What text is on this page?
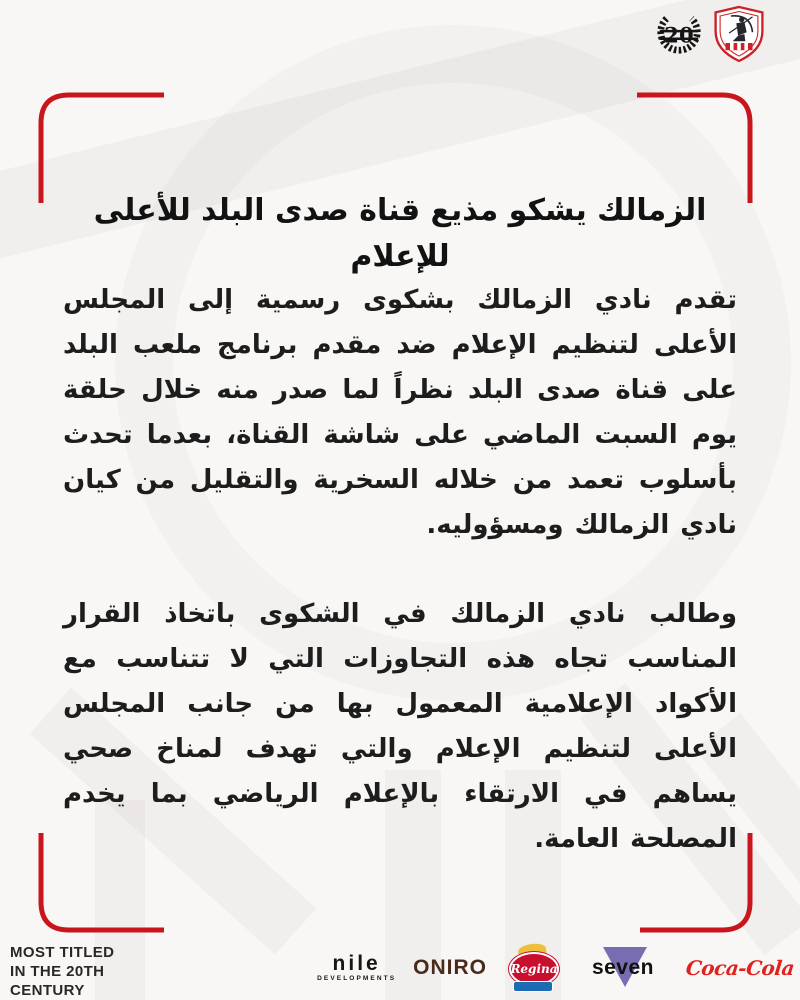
20
الزمالك يشكو مذيع قناة صدى البلد للأعلى للإعلام

تقدم نادي الزمالك بشكوى رسمية إلى المجلس الأعلى لتنظيم الإعلام ضد مقدم برنامج ملعب البلد على قناة صدى البلد نظراً لما صدر منه خلال حلقة يوم السبت الماضي على شاشة القناة، بعدما تحدث بأسلوب تعمد من خلاله السخرية والتقليل من كيان نادي الزمالك ومسؤوليه.

وطالب نادي الزمالك في الشكوى باتخاذ القرار المناسب تجاه هذه التجاوزات التي لا تتناسب مع الأكواد الإعلامية المعمول بها من جانب المجلس الأعلى لتنظيم الإعلام والتي تهدف لمناخ صحي يساهم في الارتقاء بالإعلام الرياضي بما يخدم المصلحة العامة.

MOST TITLED
IN THE 20TH
CENTURY
nile
DEVELOPMENTS ONIRO Regina seven Coca-Cola
